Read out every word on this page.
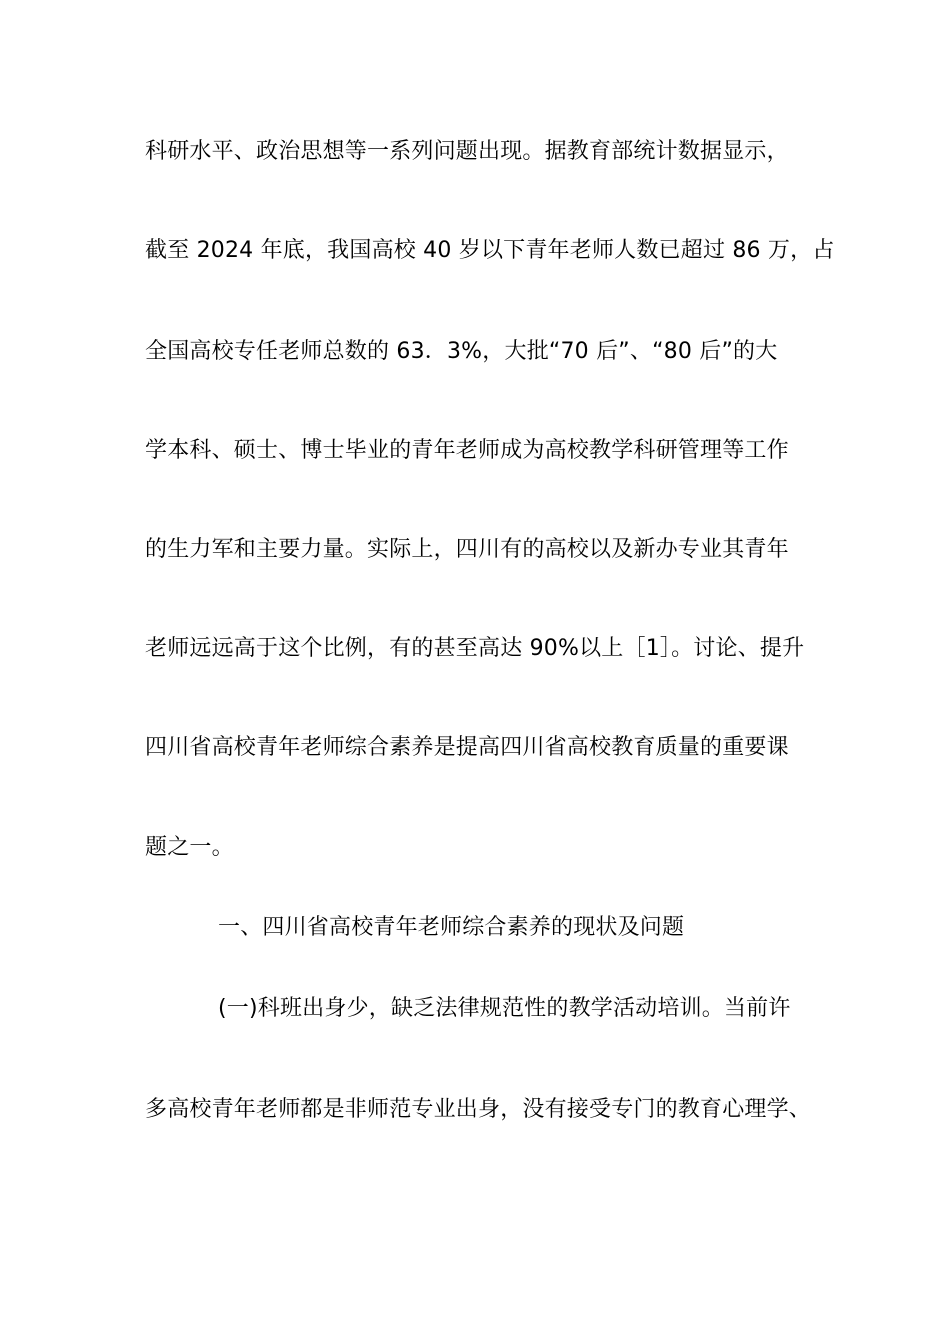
科研水平、政治思想等一系列问题出现。据教育部统计数据显示，
截至 2024 年底，我国高校 40 岁以下青年老师人数已超过 86 万，占
全国高校专任老师总数的 63．3%，大批“70 后”、“80 后”的大
学本科、硕士、博士毕业的青年老师成为高校教学科研管理等工作
的生力军和主要力量。实际上，四川有的高校以及新办专业其青年
老师远远高于这个比例，有的甚至高达 90%以上［1］。讨论、提升
四川省高校青年老师综合素养是提高四川省高校教育质量的重要课
题之一。
一、四川省高校青年老师综合素养的现状及问题
(一)科班出身少，缺乏法律规范性的教学活动培训。当前许
多高校青年老师都是非师范专业出身，没有接受专门的教育心理学、
